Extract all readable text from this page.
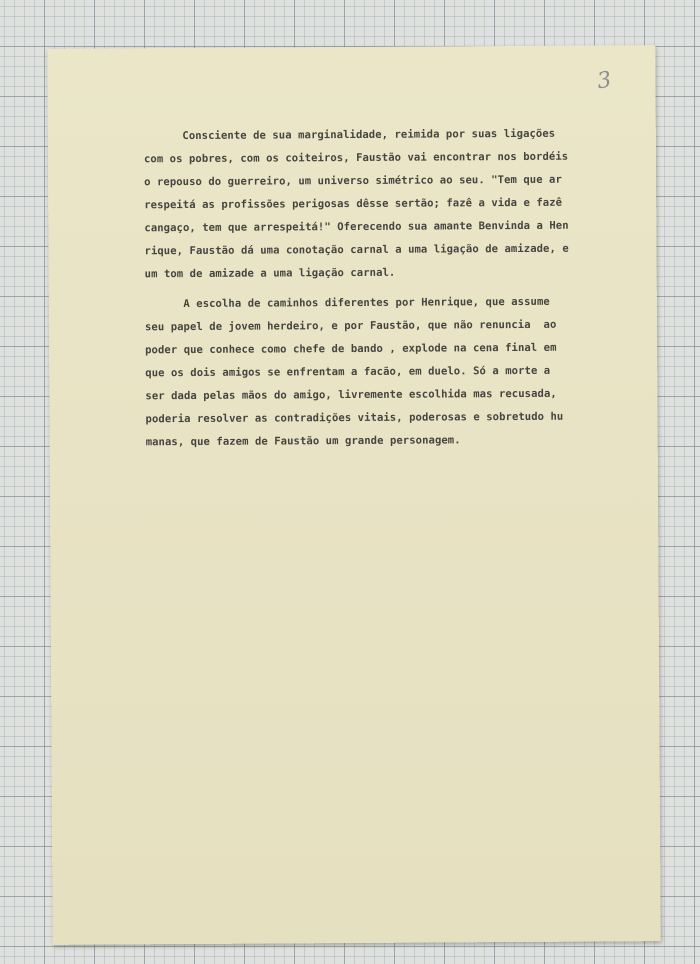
3

Consciente de sua marginalidade, reimida por suas ligações
com os pobres, com os coiteiros, Faustão vai encontrar nos bordéis
o repouso do guerreiro, um universo simétrico ao seu. "Tem que ar
respeitá as profissões perigosas dêsse sertão; fazê a vida e fazê
cangaço, tem que arrespeitá!" Oferecendo sua amante Benvinda a Hen
rique, Faustão dá uma conotação carnal a uma ligação de amizade, e
um tom de amizade a uma ligação carnal.

A escolha de caminhos diferentes por Henrique, que assume
seu papel de jovem herdeiro, e por Faustão, que não renuncia  ao
poder que conhece como chefe de bando , explode na cena final em
que os dois amigos se enfrentam a facão, em duelo. Só a morte a
ser dada pelas mãos do amigo, livremente escolhida mas recusada,
poderia resolver as contradições vitais, poderosas e sobretudo hu
manas, que fazem de Faustão um grande personagem.
